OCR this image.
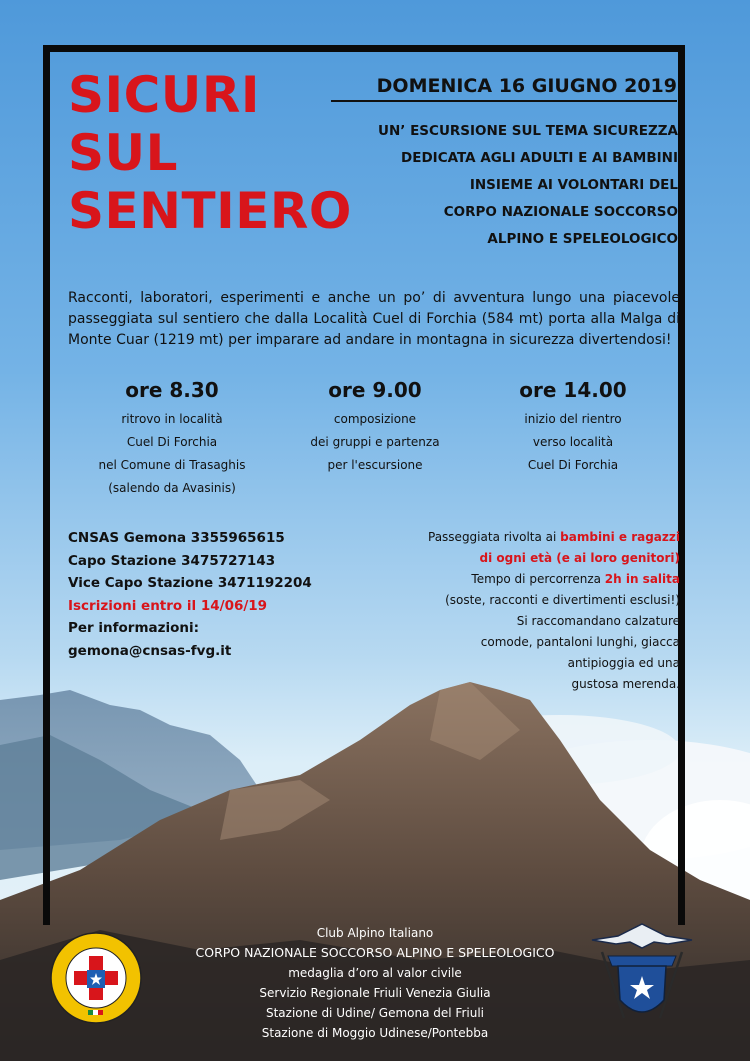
SICURI
SUL
SENTIERO
DOMENICA 16 GIUGNO 2019
UN’ ESCURSIONE SUL TEMA SICUREZZA
DEDICATA AGLI ADULTI E AI BAMBINI
INSIEME AI VOLONTARI DEL
CORPO NAZIONALE SOCCORSO
ALPINO E SPELEOLOGICO
Racconti, laboratori, esperimenti e anche un po’ di avventura lungo una piacevole passeggiata sul sentiero che dalla Località Cuel di Forchia (584 mt) porta alla Malga di Monte Cuar (1219 mt) per imparare ad andare in montagna in sicurezza divertendosi!
ore 8.30
ritrovo in località
Cuel Di Forchia
nel Comune di Trasaghis
(salendo da Avasinis)
ore 9.00
composizione
dei gruppi e partenza
per l'escursione
ore 14.00
inizio del rientro
verso località
Cuel Di Forchia
CNSAS Gemona 3355965615
Capo Stazione 3475727143
Vice Capo Stazione 3471192204
Iscrizioni entro il 14/06/19
Per informazioni:
gemona@cnsas-fvg.it
Passeggiata rivolta ai bambini e ragazzi
di ogni età (e ai loro genitori)
Tempo di percorrenza 2h in salita
(soste, racconti e divertimenti esclusi!)
Si raccomandano calzature
comode, pantaloni lunghi, giacca
antipioggia ed una
gustosa merenda.
Club Alpino Italiano
CORPO NAZIONALE SOCCORSO ALPINO E SPELEOLOGICO
medaglia d’oro al valor civile
Servizio Regionale Friuli Venezia Giulia
Stazione di Udine/ Gemona del Friuli
Stazione di Moggio Udinese/Pontebba
